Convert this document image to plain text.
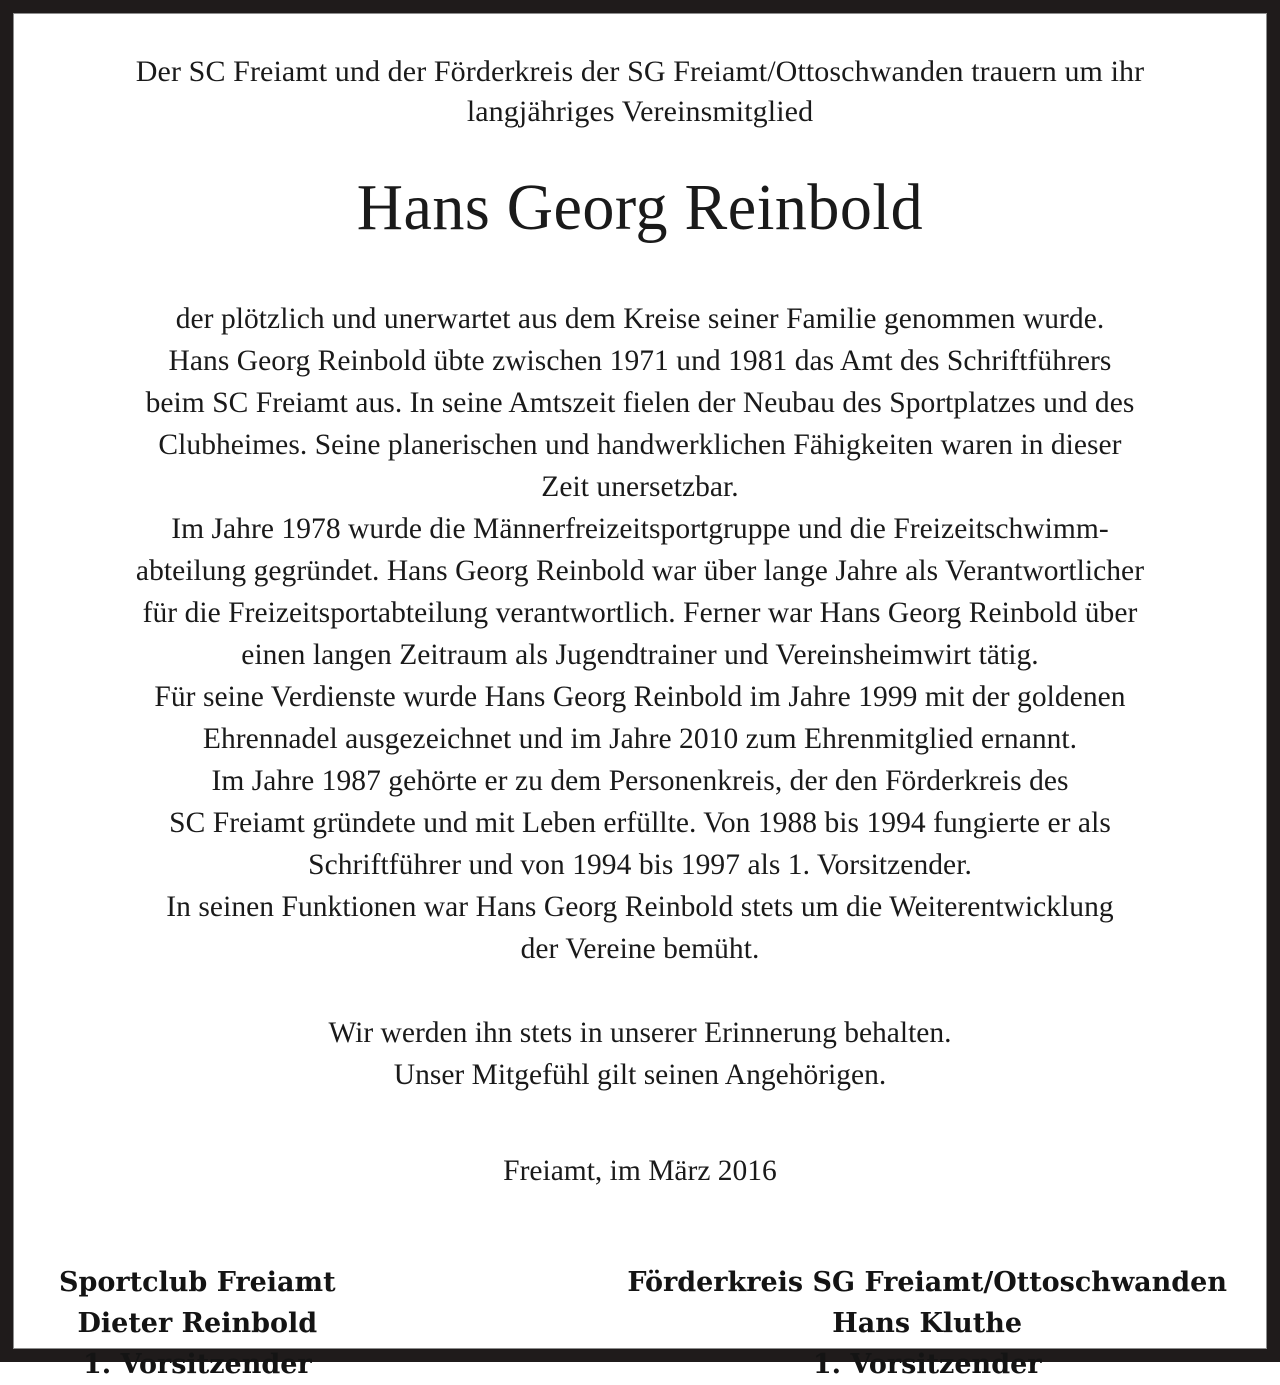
Der SC Freiamt und der Förderkreis der SG Freiamt/Ottoschwanden trauern um ihr
langjähriges Vereinsmitglied
Hans Georg Reinbold
der plötzlich und unerwartet aus dem Kreise seiner Familie genommen wurde.
Hans Georg Reinbold übte zwischen 1971 und 1981 das Amt des Schriftführers
beim SC Freiamt aus. In seine Amtszeit fielen der Neubau des Sportplatzes und des
Clubheimes. Seine planerischen und handwerklichen Fähigkeiten waren in dieser
Zeit unersetzbar.
Im Jahre 1978 wurde die Männerfreizeitsportgruppe und die Freizeitschwimm-
abteilung gegründet. Hans Georg Reinbold war über lange Jahre als Verantwortlicher
für die Freizeitsportabteilung verantwortlich. Ferner war Hans Georg Reinbold über
einen langen Zeitraum als Jugendtrainer und Vereinsheimwirt tätig.
Für seine Verdienste wurde Hans Georg Reinbold im Jahre 1999 mit der goldenen
Ehrennadel ausgezeichnet und im Jahre 2010 zum Ehrenmitglied ernannt.
Im Jahre 1987 gehörte er zu dem Personenkreis, der den Förderkreis des
SC Freiamt gründete und mit Leben erfüllte. Von 1988 bis 1994 fungierte er als
Schriftführer und von 1994 bis 1997 als 1. Vorsitzender.
In seinen Funktionen war Hans Georg Reinbold stets um die Weiterentwicklung
der Vereine bemüht.
Wir werden ihn stets in unserer Erinnerung behalten.
Unser Mitgefühl gilt seinen Angehörigen.
Freiamt, im März 2016
Sportclub Freiamt
Dieter Reinbold
1. Vorsitzender
Förderkreis SG Freiamt/Ottoschwanden
Hans Kluthe
1. Vorsitzender
